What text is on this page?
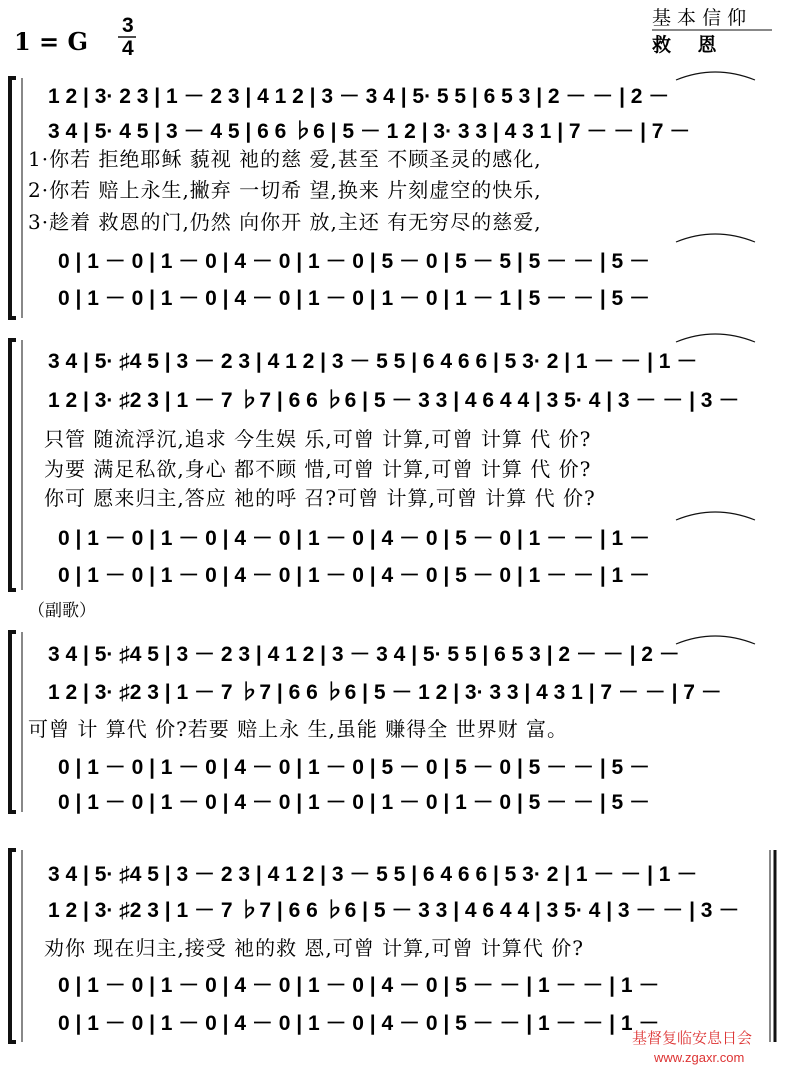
1 = G
3
4
基 本 信 仰
救    恩
1 2 | 3· 2 3 | 1 － 2 3 | 4 1 2 | 3 － 3 4 | 5· 5 5 | 6 5 3 | 2 － － | 2 －
3 4 | 5· 4 5 | 3 － 4 5 | 6 6 ♭6 | 5 － 1 2 | 3· 3 3 | 4 3 1 | 7 － － | 7 －
1·你若 拒绝耶稣 藐视 祂的慈 爱,甚至 不顾圣灵的感化,
2·你若 赔上永生,撇弃 一切希 望,换来 片刻虚空的快乐,
3·趁着 救恩的门,仍然 向你开 放,主还 有无穷尽的慈爱,
0 | 1 － 0 | 1 － 0 | 4 － 0 | 1 － 0 | 5 － 0 | 5 － 5 | 5 － － | 5 －
0 | 1 － 0 | 1 － 0 | 4 － 0 | 1 － 0 | 1 － 0 | 1 － 1 | 5 － － | 5 －
3 4 | 5· ♯4 5 | 3 － 2 3 | 4 1 2 | 3 － 5 5 | 6 4 6 6 | 5 3· 2 | 1 － － | 1 －
1 2 | 3· ♯2 3 | 1 － 7 ♭7 | 6 6 ♭6 | 5 － 3 3 | 4 6 4 4 | 3 5· 4 | 3 － － | 3 －
只管 随流浮沉,追求 今生娱 乐,可曾 计算,可曾 计算 代 价?
为要 满足私欲,身心 都不顾 惜,可曾 计算,可曾 计算 代 价?
你可 愿来归主,答应 祂的呼 召?可曾 计算,可曾 计算 代 价?
0 | 1 － 0 | 1 － 0 | 4 － 0 | 1 － 0 | 4 － 0 | 5 － 0 | 1 － － | 1 －
0 | 1 － 0 | 1 － 0 | 4 － 0 | 1 － 0 | 4 － 0 | 5 － 0 | 1 － － | 1 －
（副歌）
3 4 | 5· ♯4 5 | 3 － 2 3 | 4 1 2 | 3 － 3 4 | 5· 5 5 | 6 5 3 | 2 － － | 2 －
1 2 | 3· ♯2 3 | 1 － 7 ♭7 | 6 6 ♭6 | 5 － 1 2 | 3· 3 3 | 4 3 1 | 7 － － | 7 －
可曾 计 算代 价?若要 赔上永 生,虽能 赚得全 世界财 富。
0 | 1 － 0 | 1 － 0 | 4 － 0 | 1 － 0 | 5 － 0 | 5 － 0 | 5 － － | 5 －
0 | 1 － 0 | 1 － 0 | 4 － 0 | 1 － 0 | 1 － 0 | 1 － 0 | 5 － － | 5 －
3 4 | 5· ♯4 5 | 3 － 2 3 | 4 1 2 | 3 － 5 5 | 6 4 6 6 | 5 3· 2 | 1 － － | 1 －
1 2 | 3· ♯2 3 | 1 － 7 ♭7 | 6 6 ♭6 | 5 － 3 3 | 4 6 4 4 | 3 5· 4 | 3 － － | 3 －
劝你 现在归主,接受 祂的救 恩,可曾 计算,可曾 计算代 价?
0 | 1 － 0 | 1 － 0 | 4 － 0 | 1 － 0 | 4 － 0 | 5 － － | 1 － － | 1 －
0 | 1 － 0 | 1 － 0 | 4 － 0 | 1 － 0 | 4 － 0 | 5 － － | 1 － － | 1 －
基督复临安息日会
www.zgaxr.com
